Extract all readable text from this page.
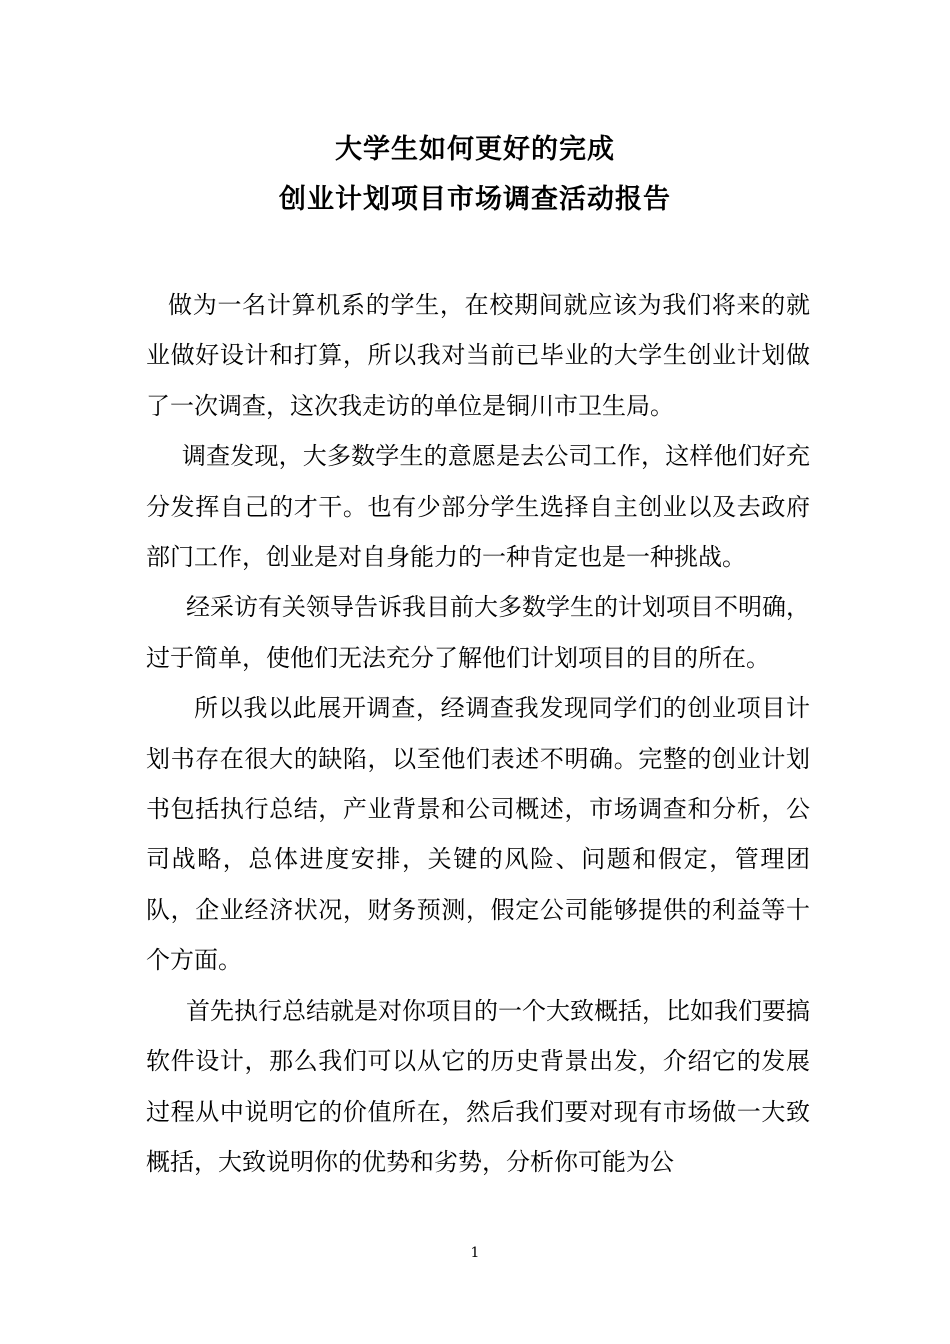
大学生如何更好的完成
创业计划项目市场调查活动报告

做为一名计算机系的学生，在校期间就应该为我们将来的就业做好设计和打算，所以我对当前已毕业的大学生创业计划做了一次调查，这次我走访的单位是铜川市卫生局。

调查发现，大多数学生的意愿是去公司工作，这样他们好充分发挥自己的才干。也有少部分学生选择自主创业以及去政府部门工作，创业是对自身能力的一种肯定也是一种挑战。

经采访有关领导告诉我目前大多数学生的计划项目不明确，过于简单，使他们无法充分了解他们计划项目的目的所在。

所以我以此展开调查，经调查我发现同学们的创业项目计划书存在很大的缺陷，以至他们表述不明确。完整的创业计划书包括执行总结，产业背景和公司概述，市场调查和分析，公司战略，总体进度安排，关键的风险、问题和假定，管理团队，企业经济状况，财务预测，假定公司能够提供的利益等十个方面。

首先执行总结就是对你项目的一个大致概括，比如我们要搞软件设计，那么我们可以从它的历史背景出发，介绍它的发展过程从中说明它的价值所在，然后我们要对现有市场做一大致概括，大致说明你的优势和劣势，分析你可能为公

1
